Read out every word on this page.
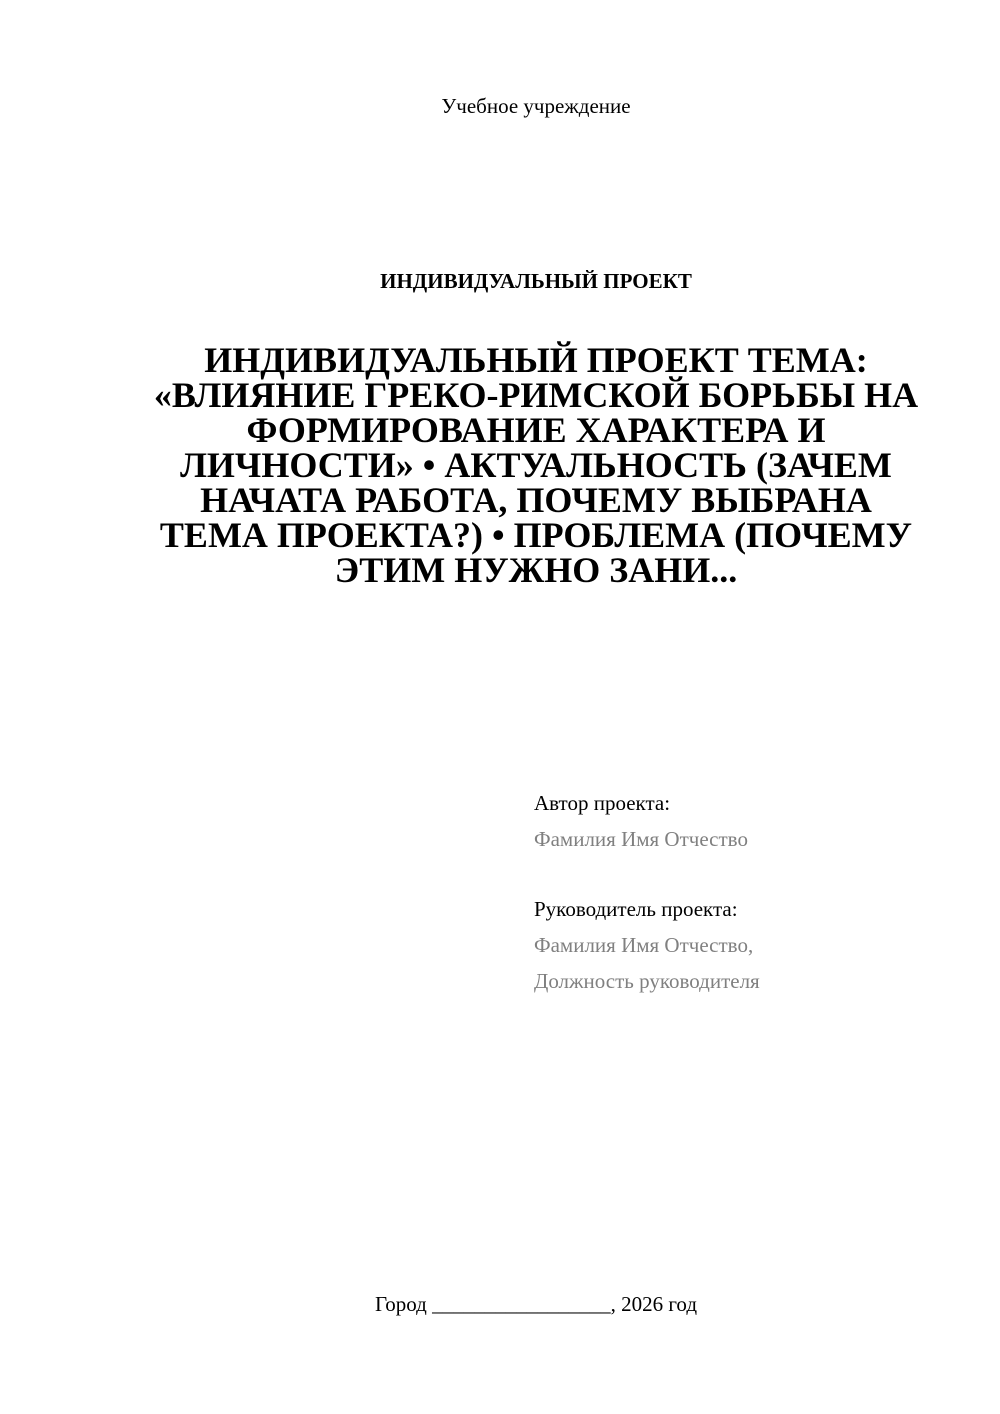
Учебное учреждение
ИНДИВИДУАЛЬНЫЙ ПРОЕКТ
ИНДИВИДУАЛЬНЫЙ ПРОЕКТ ТЕМА: «ВЛИЯНИЕ ГРЕКО-РИМСКОЙ БОРЬБЫ НА ФОРМИРОВАНИЕ ХАРАКТЕРА И ЛИЧНОСТИ» • АКТУАЛЬНОСТЬ (ЗАЧЕМ НАЧАТА РАБОТА, ПОЧЕМУ ВЫБРАНА ТЕМА ПРОЕКТА?) • ПРОБЛЕМА (ПОЧЕМУ ЭТИМ НУЖНО ЗАНИ...
Автор проекта:
Фамилия Имя Отчество
Руководитель проекта:
Фамилия Имя Отчество,
Должность руководителя
Город _________________, 2026 год
